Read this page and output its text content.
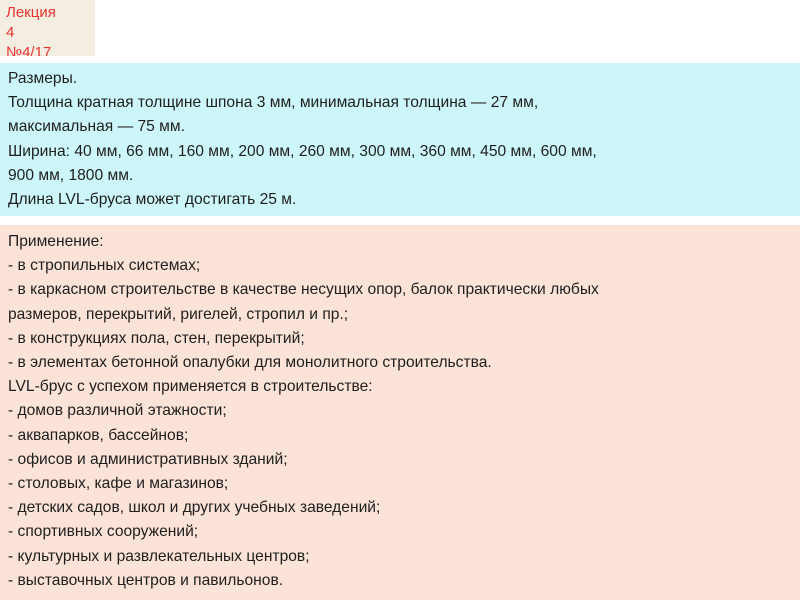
Лекция
4
№4/17
Размеры.
Толщина кратная толщине шпона 3 мм, минимальная толщина — 27 мм,
максимальная — 75 мм.
Ширина: 40 мм, 66 мм, 160 мм, 200 мм, 260 мм, 300 мм, 360 мм, 450 мм, 600 мм,
900 мм, 1800 мм.
Длина LVL-бруса может достигать 25 м.
Применение:
- в стропильных системах;
- в каркасном строительстве в качестве несущих опор, балок практически любых
размеров, перекрытий, ригелей, стропил и пр.;
- в конструкциях пола, стен, перекрытий;
- в элементах бетонной опалубки для монолитного строительства.
LVL-брус с успехом применяется в строительстве:
- домов различной этажности;
- аквапарков, бассейнов;
- офисов и административных зданий;
- столовых, кафе и магазинов;
- детских садов, школ и других учебных заведений;
- спортивных сооружений;
- культурных и развлекательных центров;
- выставочных центров и павильонов.
